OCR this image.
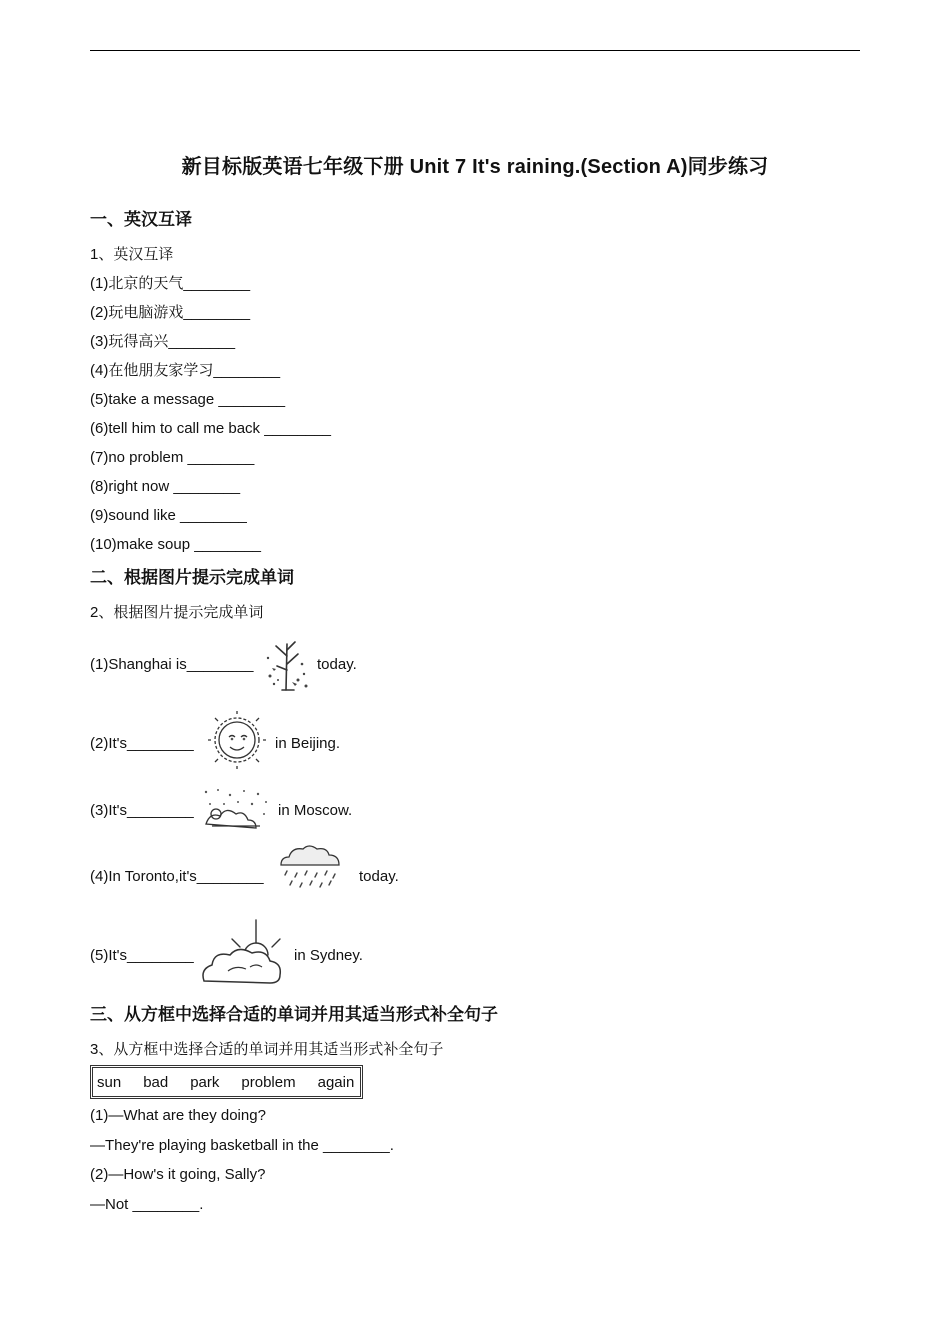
新目标版英语七年级下册 Unit 7 It's raining.(Section A)同步练习
一、英汉互译
1、英汉互译
(1)北京的天气________
(2)玩电脑游戏________
(3)玩得高兴________
(4)在他朋友家学习________
(5)take a message ________
(6)tell him to call me back ________
(7)no problem ________
(8)right now ________
(9)sound like ________
(10)make soup ________
二、根据图片提示完成单词
2、根据图片提示完成单词
(1)Shanghai is________	today.
(2)It's________	in Beijing.
(3)It's________	in Moscow.
(4)In Toronto,it's________	today.
(5)It's________	in Sydney.
三、从方框中选择合适的单词并用其适当形式补全句子
3、从方框中选择合适的单词并用其适当形式补全句子
sun bad park problem again
(1)—What are they doing?
—They're playing basketball in the ________.
(2)—How's it going, Sally?
—Not ________.
